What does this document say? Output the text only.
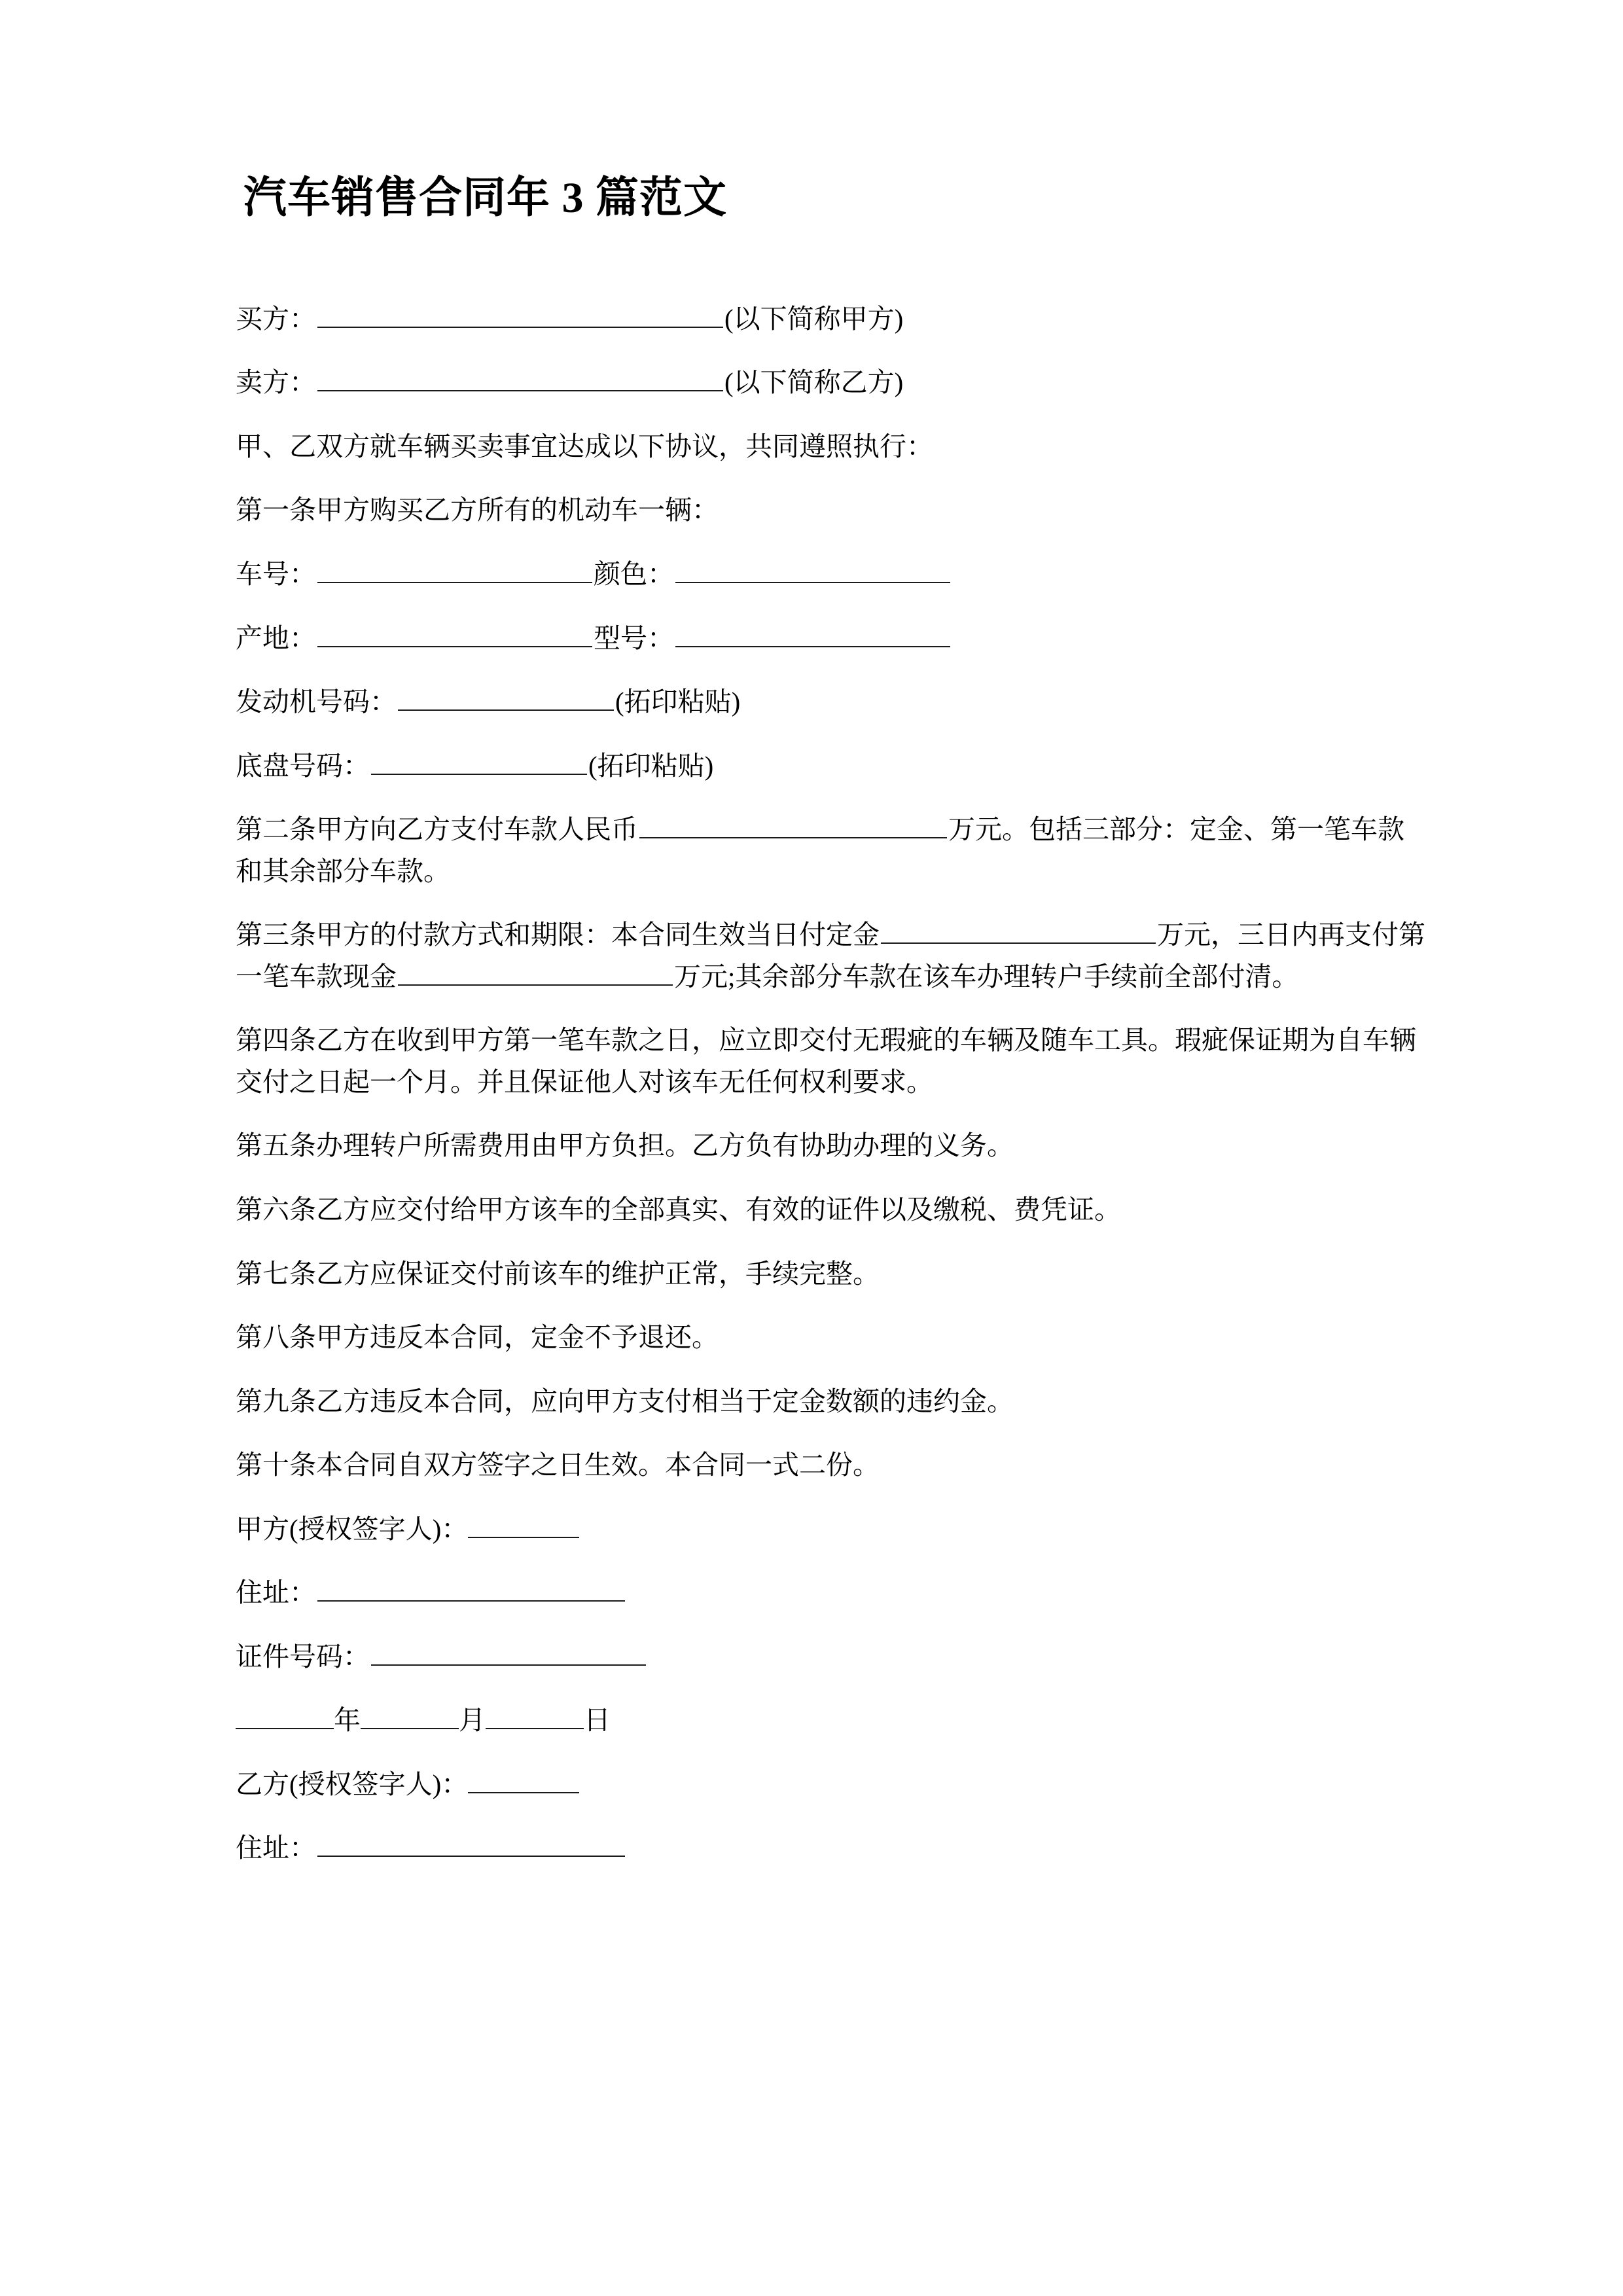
汽车销售合同年 3 篇范文

买方：	(以下简称甲方)

卖方：	(以下简称乙方)

甲、乙双方就车辆买卖事宜达成以下协议，共同遵照执行：

第一条甲方购买乙方所有的机动车一辆：

车号：	颜色：

产地：	型号：

发动机号码：	(拓印粘贴)

底盘号码：	(拓印粘贴)

第二条甲方向乙方支付车款人民币	万元。包括三部分：定金、第一笔车款和其余部分车款。

第三条甲方的付款方式和期限：本合同生效当日付定金	万元，三日内再支付第一笔车款现金	万元;其余部分车款在该车办理转户手续前全部付清。

第四条乙方在收到甲方第一笔车款之日，应立即交付无瑕疵的车辆及随车工具。瑕疵保证期为自车辆交付之日起一个月。并且保证他人对该车无任何权利要求。

第五条办理转户所需费用由甲方负担。乙方负有协助办理的义务。

第六条乙方应交付给甲方该车的全部真实、有效的证件以及缴税、费凭证。

第七条乙方应保证交付前该车的维护正常，手续完整。

第八条甲方违反本合同，定金不予退还。

第九条乙方违反本合同，应向甲方支付相当于定金数额的违约金。

第十条本合同自双方签字之日生效。本合同一式二份。

甲方(授权签字人)：

住址：

证件号码：

年	月	日

乙方(授权签字人)：

住址：
